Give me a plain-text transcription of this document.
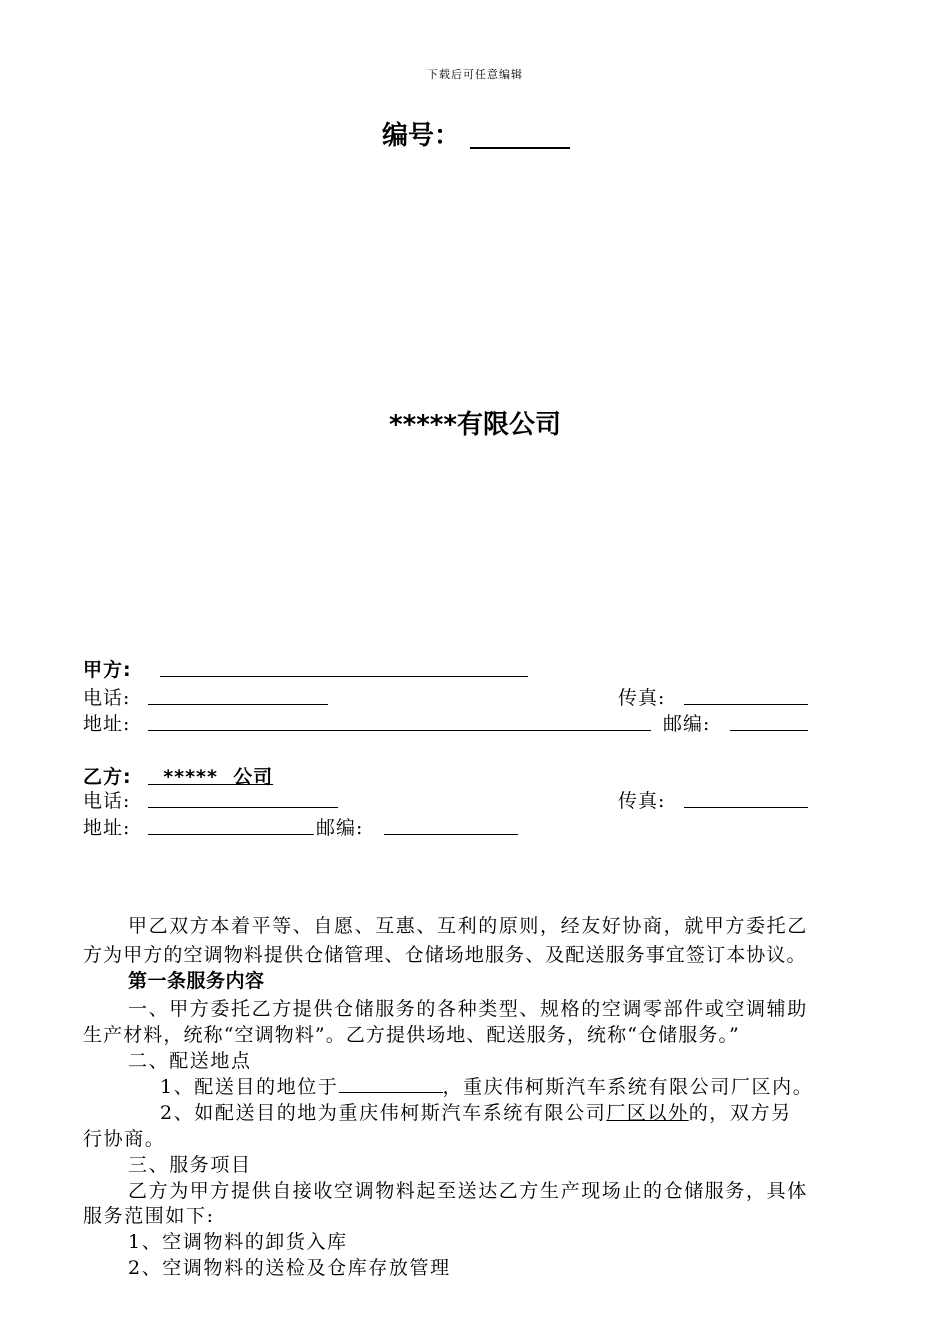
下载后可任意编辑
编号：
*****有限公司
甲方:
电话:	传真:
地址:	邮编:
乙方: *****  公司
电话:	传真:
地址:	邮编:
甲乙双方本着平等、自愿、互惠、互利的原则，经友好协商，就甲方委托乙
方为甲方的空调物料提供仓储管理、仓储场地服务、及配送服务事宜签订本协议。
第一条服务内容
一、甲方委托乙方提供仓储服务的各种类型、规格的空调零部件或空调辅助
生产材料，统称“空调物料”。乙方提供场地、配送服务，统称“仓储服务。”
二、配送地点
1、配送目的地位于	，重庆伟柯斯汽车系统有限公司厂区内。
2、如配送目的地为重庆伟柯斯汽车系统有限公司厂区以外的，双方另
行协商。
三、服务项目
乙方为甲方提供自接收空调物料起至送达乙方生产现场止的仓储服务，具体
服务范围如下:
1、空调物料的卸货入库
2、空调物料的送检及仓库存放管理
